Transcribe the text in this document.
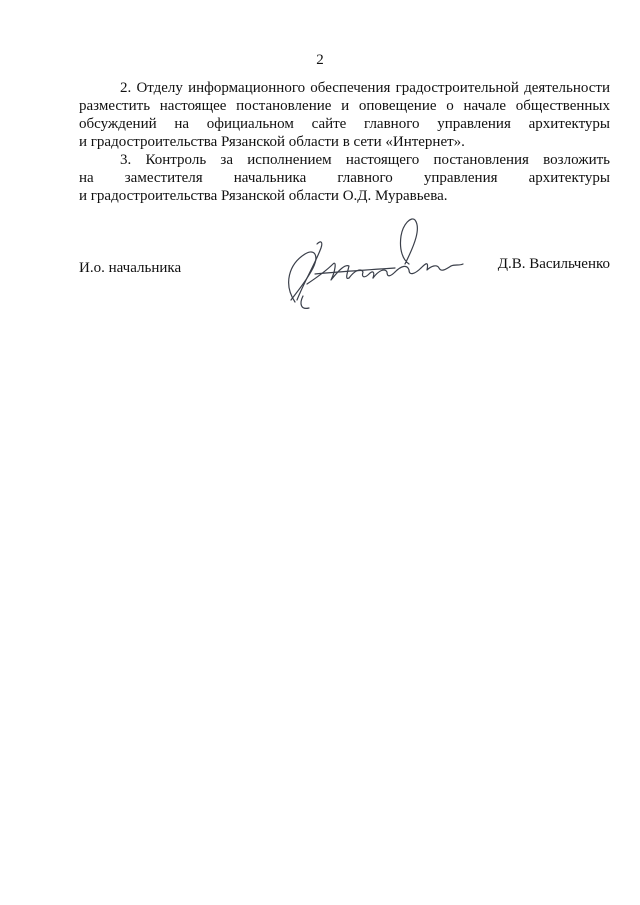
2

2. Отделу информационного обеспечения градостроительной деятельности
разместить настоящее постановление и оповещение о начале общественных
обсуждений на официальном сайте главного управления архитектуры
и градостроительства Рязанской области в сети «Интернет».

3. Контроль за исполнением настоящего постановления возложить
на заместителя начальника главного управления архитектуры
и градостроительства Рязанской области О.Д. Муравьева.

И.о. начальника	Д.В. Васильченко
